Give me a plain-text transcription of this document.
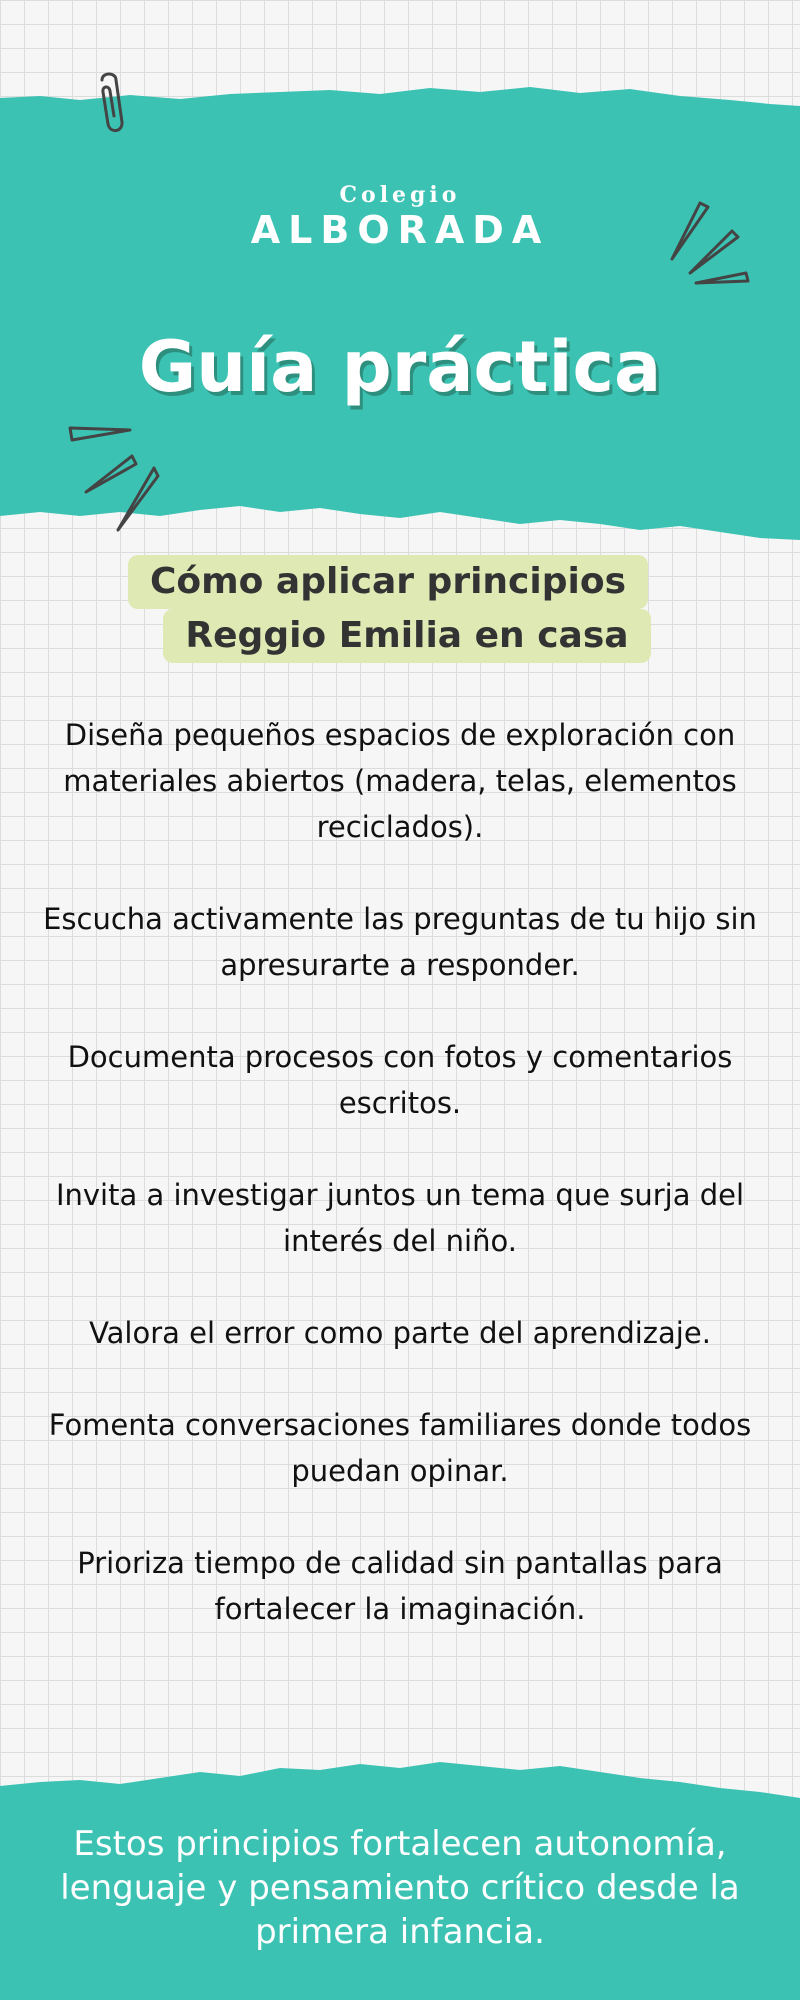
Colegio
ALBORADA
Guía práctica
Cómo aplicar principios
Reggio Emilia en casa
Diseña pequeños espacios de exploración con materiales abiertos (madera, telas, elementos reciclados).
Escucha activamente las preguntas de tu hijo sin apresurarte a responder.
Documenta procesos con fotos y comentarios escritos.
Invita a investigar juntos un tema que surja del interés del niño.
Valora el error como parte del aprendizaje.
Fomenta conversaciones familiares donde todos puedan opinar.
Prioriza tiempo de calidad sin pantallas para fortalecer la imaginación.
Estos principios fortalecen autonomía, lenguaje y pensamiento crítico desde la primera infancia.
